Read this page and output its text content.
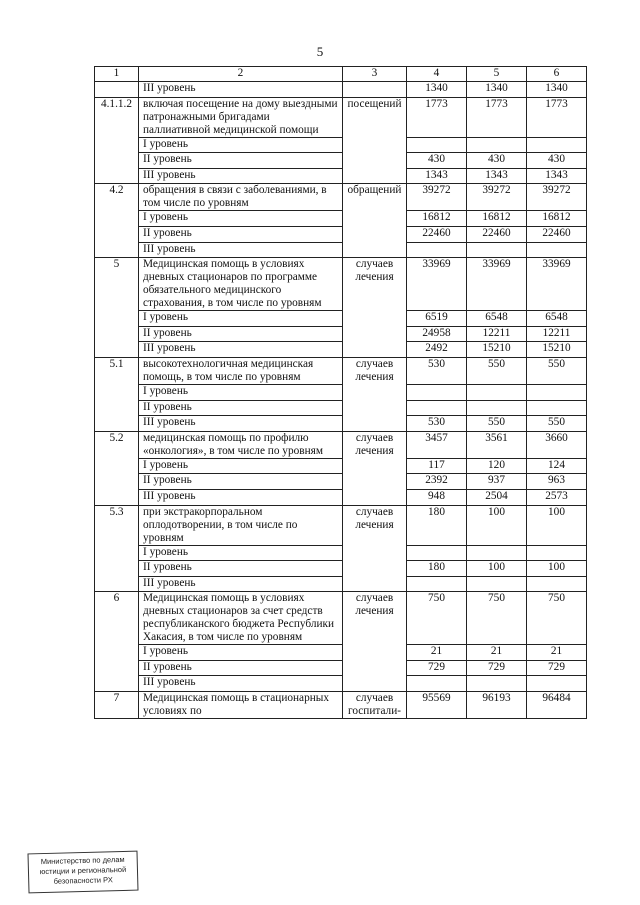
5
1	2	3	4	5	6
	III уровень		1340	1340	1340
4.1.1.2	включая посещение на дому выездными патронажными бригадами паллиативной медицинской помощи	посещений	1773	1773	1773
	I уровень				
	II уровень		430	430	430
	III уровень		1343	1343	1343
4.2	обращения в связи с заболеваниями, в том числе по уровням	обращений	39272	39272	39272
	I уровень		16812	16812	16812
	II уровень		22460	22460	22460
	III уровень				
5	Медицинская помощь в условиях дневных стационаров по программе обязательного медицинского страхования, в том числе по уровням	случаев лечения	33969	33969	33969
	I уровень		6519	6548	6548
	II уровень		24958	12211	12211
	III уровень		2492	15210	15210
5.1	высокотехнологичная медицинская помощь, в том числе по уровням	случаев лечения	530	550	550
	I уровень				
	II уровень				
	III уровень		530	550	550
5.2	медицинская помощь по профилю «онкология», в том числе по уровням	случаев лечения	3457	3561	3660
	I уровень		117	120	124
	II уровень		2392	937	963
	III уровень		948	2504	2573
5.3	при экстракорпоральном оплодотворении, в том числе по уровням	случаев лечения	180	100	100
	I уровень				
	II уровень		180	100	100
	III уровень				
6	Медицинская помощь в условиях дневных стационаров за счет средств республиканского бюджета Республики Хакасия, в том числе по уровням	случаев лечения	750	750	750
	I уровень		21	21	21
	II уровень		729	729	729
	III уровень				
7	Медицинская помощь в стационарных условиях по	случаев госпитали-	95569	96193	96484
Министерство по делам юстиции и региональной безопасности РХ
